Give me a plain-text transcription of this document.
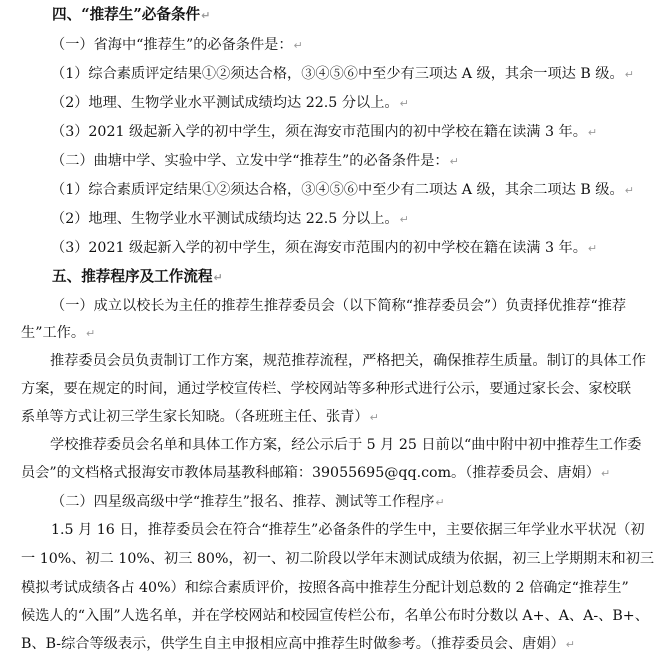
四、“推荐生”必备条件↵
（一）省海中“推荐生”的必备条件是：↵
（1）综合素质评定结果①②须达合格，③④⑤⑥中至少有三项达 A 级，其余一项达 B 级。↵
（2）地理、生物学业水平测试成绩均达 22.5 分以上。↵
（3）2021 级起新入学的初中学生，须在海安市范围内的初中学校在籍在读满 3 年。↵
（二）曲塘中学、实验中学、立发中学“推荐生”的必备条件是：↵
（1）综合素质评定结果①②须达合格，③④⑤⑥中至少有二项达 A 级，其余二项达 B 级。↵
（2）地理、生物学业水平测试成绩均达 22.5 分以上。↵
（3）2021 级起新入学的初中学生，须在海安市范围内的初中学校在籍在读满 3 年。↵
五、推荐程序及工作流程↵
（一）成立以校长为主任的推荐生推荐委员会（以下简称“推荐委员会”）负责择优推荐“推荐
生”工作。↵
推荐委员会员负责制订工作方案，规范推荐流程，严格把关，确保推荐生质量。制订的具体工作
方案，要在规定的时间，通过学校宣传栏、学校网站等多种形式进行公示，要通过家长会、家校联
系单等方式让初三学生家长知晓。（各班班主任、张青）↵
学校推荐委员会名单和具体工作方案，经公示后于 5 月 25 日前以“曲中附中初中推荐生工作委
员会”的文档格式报海安市教体局基教科邮箱：39055695@qq.com。（推荐委员会、唐娟）↵
（二）四星级高级中学“推荐生”报名、推荐、测试等工作程序↵
1.5 月 16 日，推荐委员会在符合“推荐生”必备条件的学生中，主要依据三年学业水平状况（初
一 10%、初二 10%、初三 80%，初一、初二阶段以学年末测试成绩为依据，初三上学期期末和初三
模拟考试成绩各占 40%）和综合素质评价，按照各高中推荐生分配计划总数的 2 倍确定“推荐生”
候选人的“入围”人选名单，并在学校网站和校园宣传栏公布，名单公布时分数以 A+、A、A-、B+、
B、B-综合等级表示，供学生自主申报相应高中推荐生时做参考。（推荐委员会、唐娟）↵
